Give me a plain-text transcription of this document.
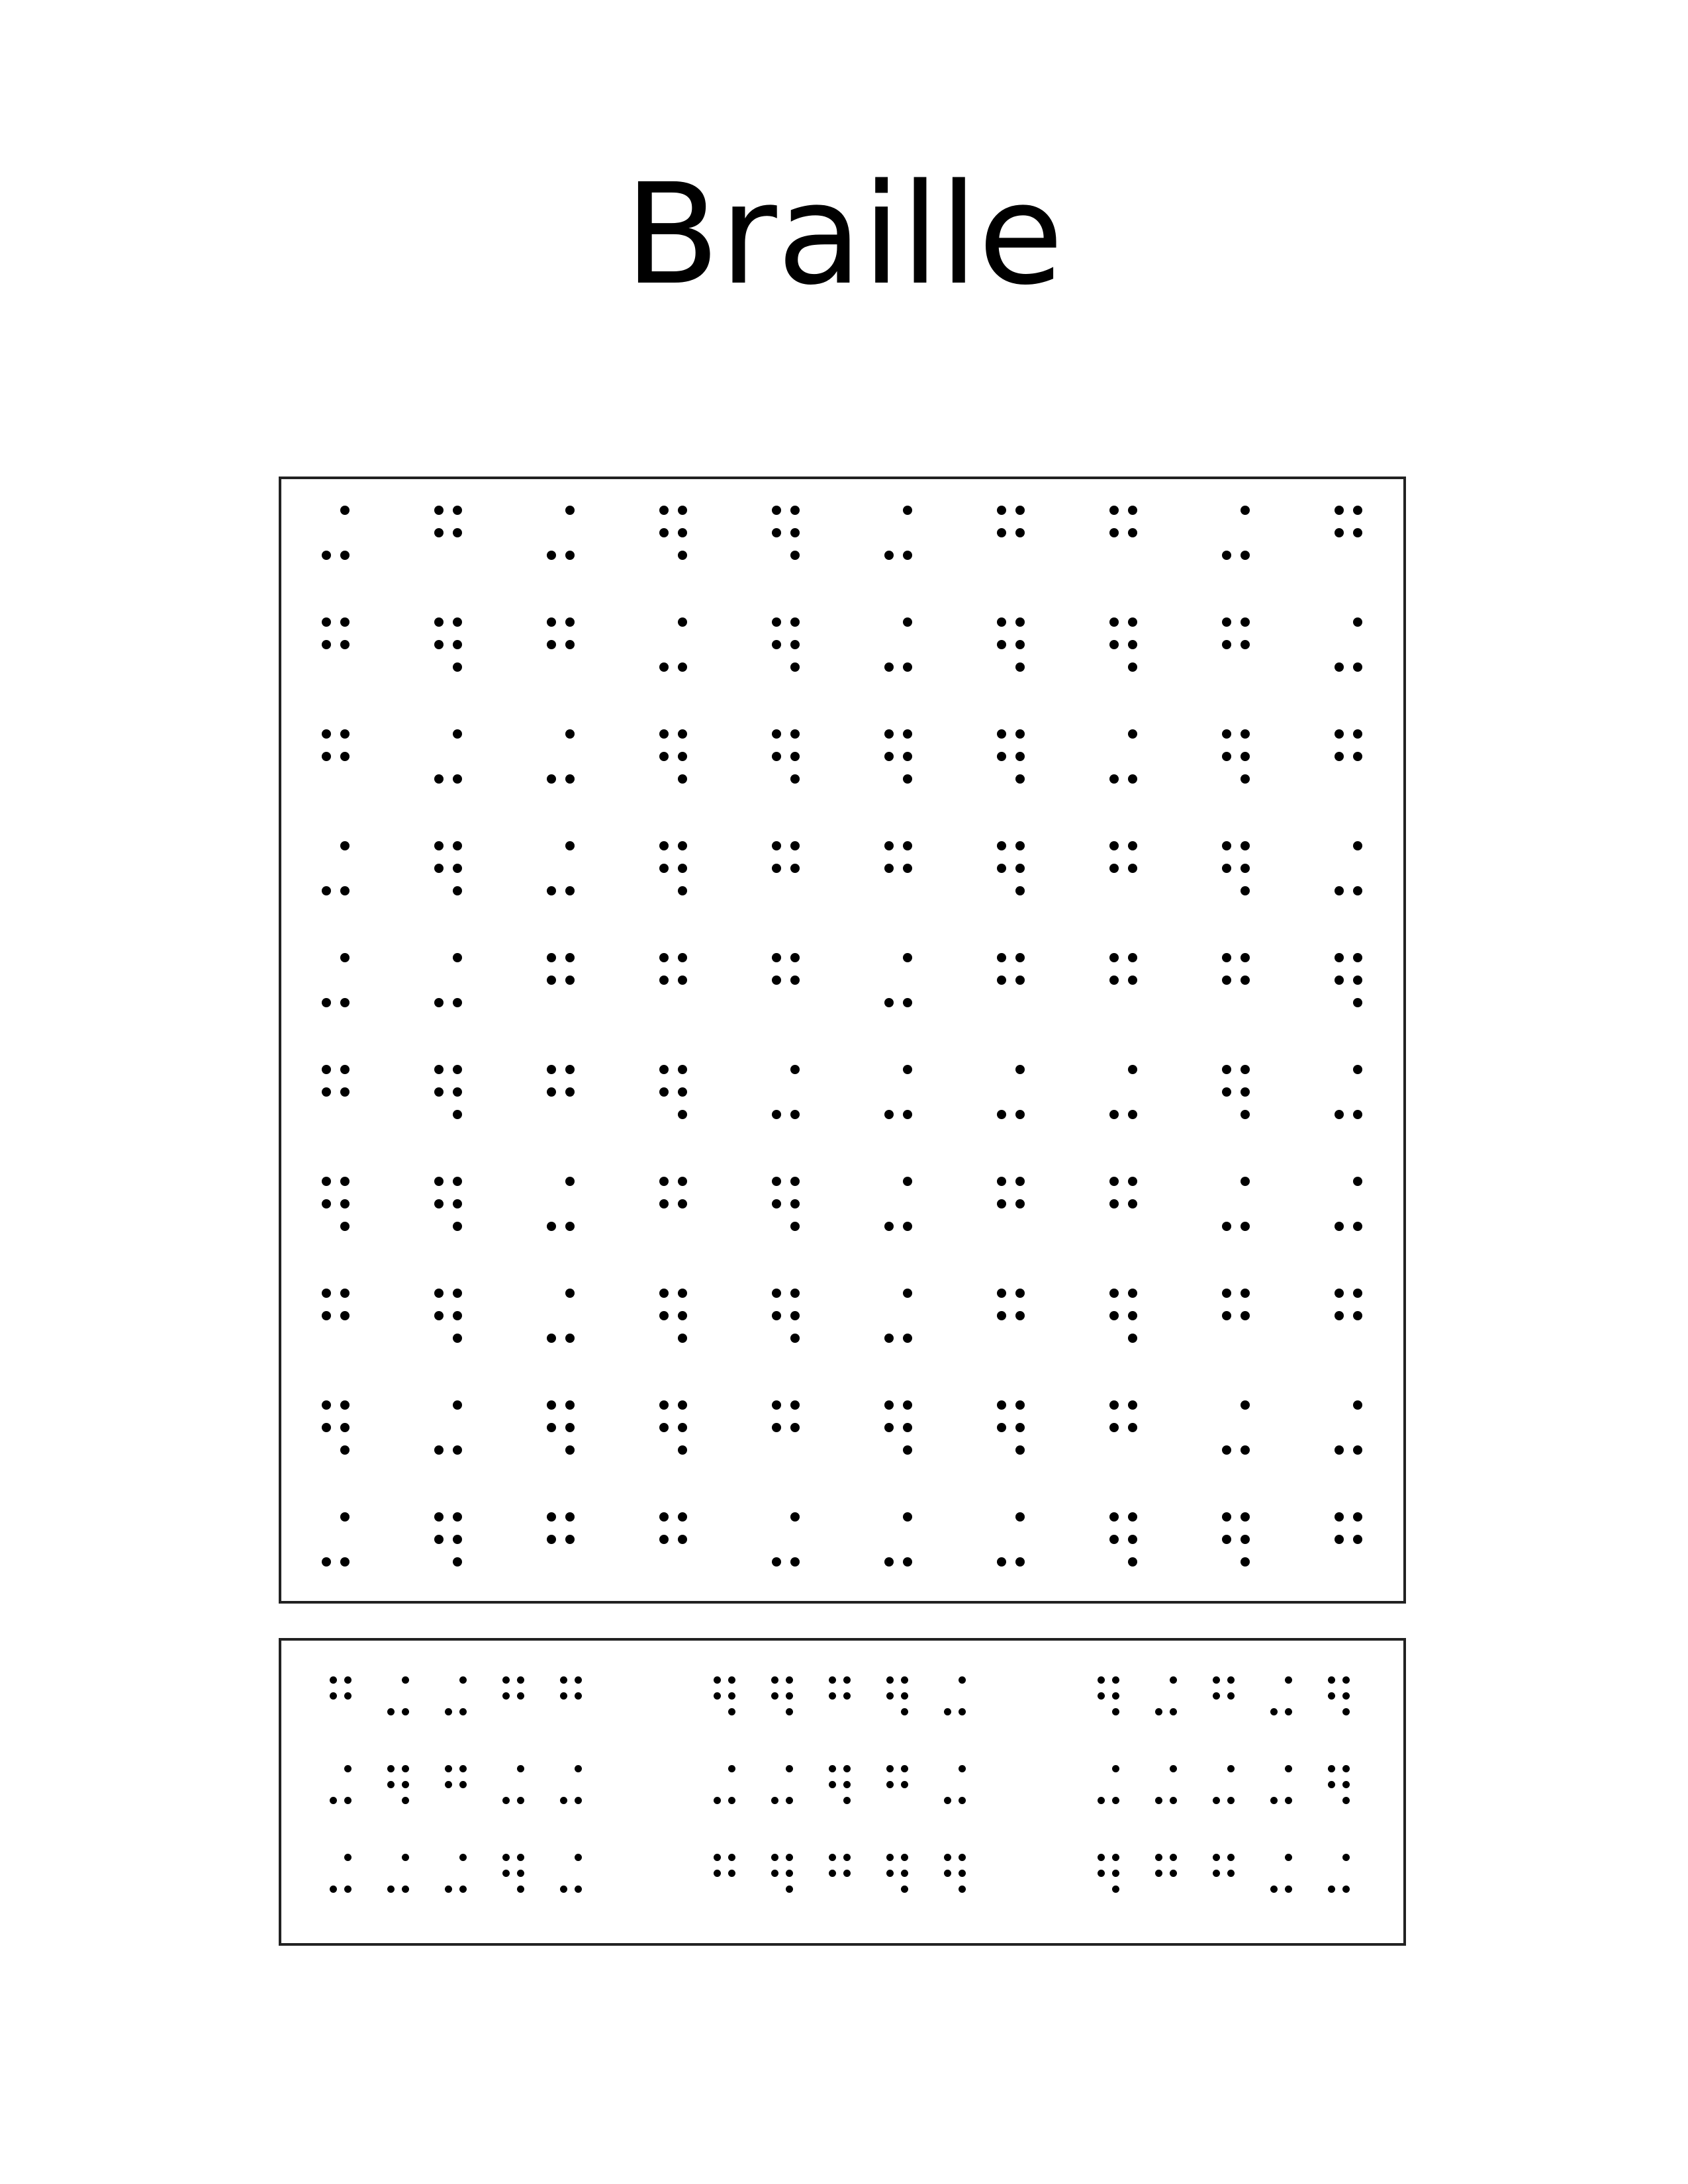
Braille
